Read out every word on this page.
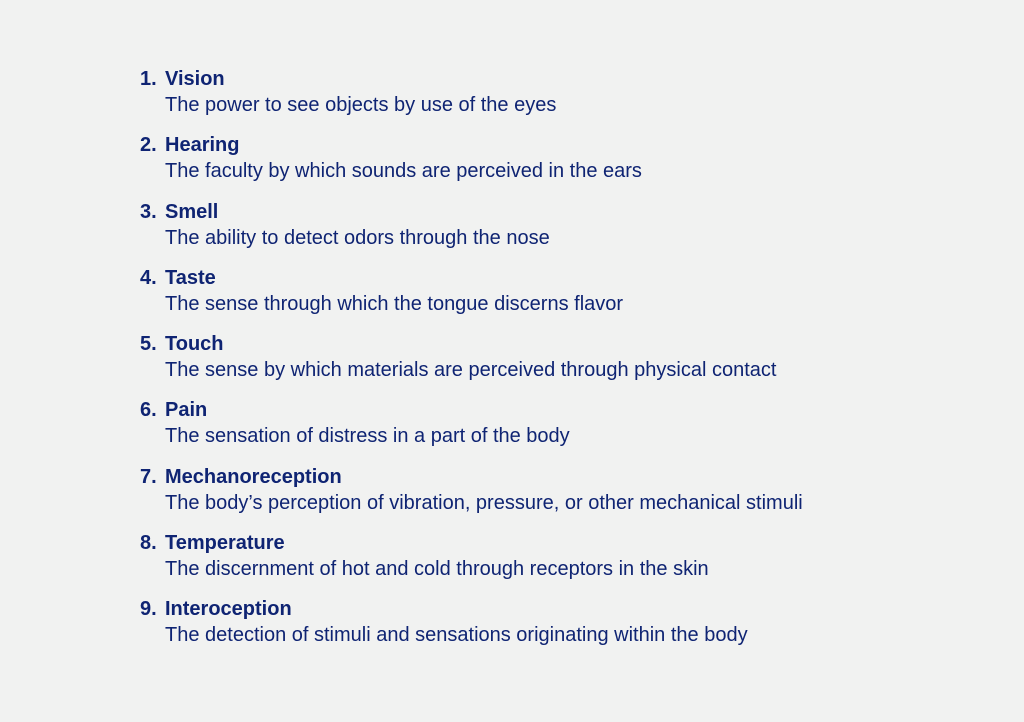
1. Vision
The power to see objects by use of the eyes
2. Hearing
The faculty by which sounds are perceived in the ears
3. Smell
The ability to detect odors through the nose
4. Taste
The sense through which the tongue discerns flavor
5. Touch
The sense by which materials are perceived through physical contact
6. Pain
The sensation of distress in a part of the body
7. Mechanoreception
The body’s perception of vibration, pressure, or other mechanical stimuli
8. Temperature
The discernment of hot and cold through receptors in the skin
9. Interoception
The detection of stimuli and sensations originating within the body
